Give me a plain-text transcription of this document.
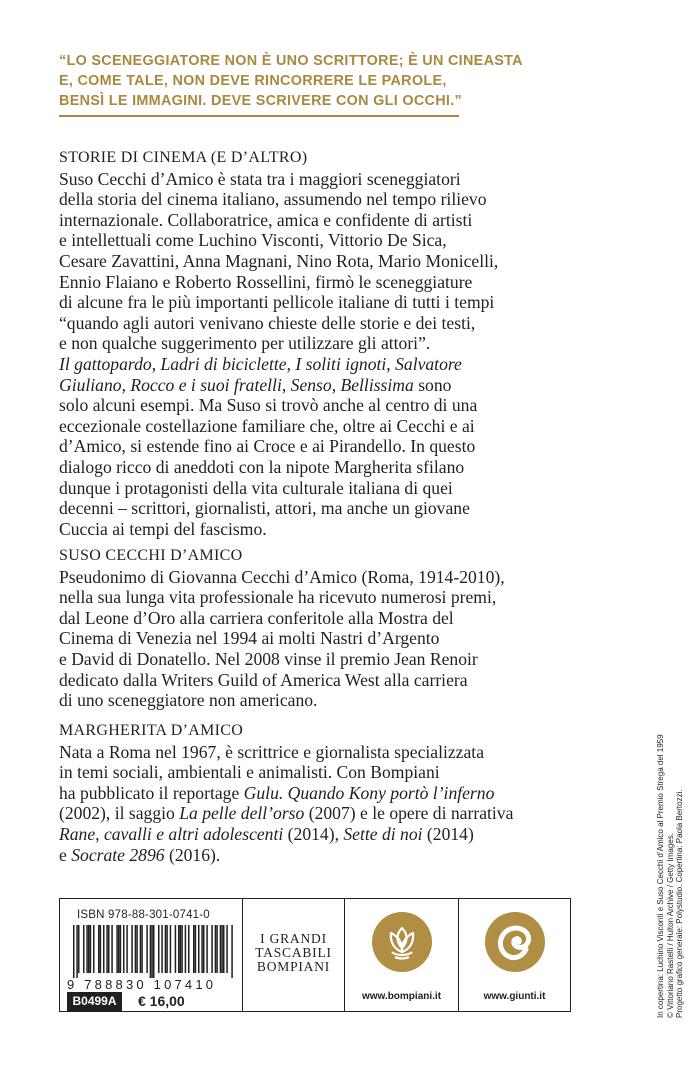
“LO SCENEGGIATORE NON È UNO SCRITTORE; È UN CINEASTA
E, COME TALE, NON DEVE RINCORRERE LE PAROLE,
BENSÌ LE IMMAGINI. DEVE SCRIVERE CON GLI OCCHI.”
STORIE DI CINEMA (E D’ALTRO)
Suso Cecchi d’Amico è stata tra i maggiori sceneggiatori
della storia del cinema italiano, assumendo nel tempo rilievo
internazionale. Collaboratrice, amica e confidente di artisti
e intellettuali come Luchino Visconti, Vittorio De Sica,
Cesare Zavattini, Anna Magnani, Nino Rota, Mario Monicelli,
Ennio Flaiano e Roberto Rossellini, firmò le sceneggiature
di alcune fra le più importanti pellicole italiane di tutti i tempi
“quando agli autori venivano chieste delle storie e dei testi,
e non qualche suggerimento per utilizzare gli attori”.
Il gattopardo, Ladri di biciclette, I soliti ignoti, Salvatore
Giuliano, Rocco e i suoi fratelli, Senso, Bellissima sono
solo alcuni esempi. Ma Suso si trovò anche al centro di una
eccezionale costellazione familiare che, oltre ai Cecchi e ai
d’Amico, si estende fino ai Croce e ai Pirandello. In questo
dialogo ricco di aneddoti con la nipote Margherita sfilano
dunque i protagonisti della vita culturale italiana di quei
decenni – scrittori, giornalisti, attori, ma anche un giovane
Cuccia ai tempi del fascismo.
SUSO CECCHI D’AMICO
Pseudonimo di Giovanna Cecchi d’Amico (Roma, 1914-2010),
nella sua lunga vita professionale ha ricevuto numerosi premi,
dal Leone d’Oro alla carriera conferitole alla Mostra del
Cinema di Venezia nel 1994 ai molti Nastri d’Argento
e David di Donatello. Nel 2008 vinse il premio Jean Renoir
dedicato dalla Writers Guild of America West alla carriera
di uno sceneggiatore non americano.
MARGHERITA D’AMICO
Nata a Roma nel 1967, è scrittrice e giornalista specializzata
in temi sociali, ambientali e animalisti. Con Bompiani
ha pubblicato il reportage Gulu. Quando Kony portò l’inferno
(2002), il saggio La pelle dell’orso (2007) e le opere di narrativa
Rane, cavalli e altri adolescenti (2014), Sette di noi (2014)
e Socrate 2896 (2016).
ISBN 978-88-301-0741-0
9 788830 107410
B0499A	€ 16,00
I GRANDI
TASCABILI
BOMPIANI
www.bompiani.it	www.giunti.it	In copertina: Luchino Visconti e Suso Cecchi d’Amico al Premio Strega del 1959 © Vittoriano Rastelli / Hulton Archive / Getty Images. Progetto grafico generale: Polystudio. Copertina: Paola Bertozzi.
